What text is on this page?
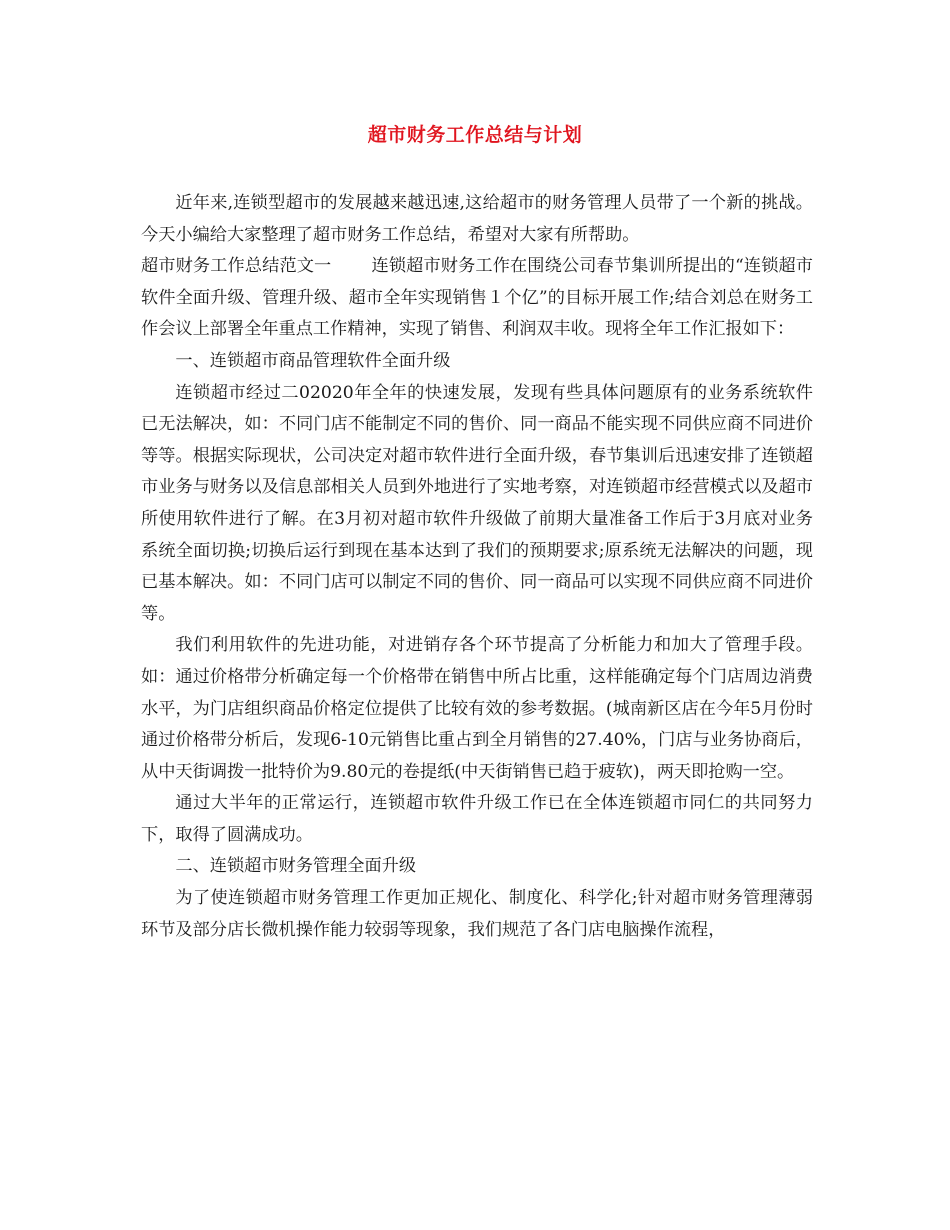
超市财务工作总结与计划

近年来,连锁型超市的发展越来越迅速,这给超市的财务管理人员带了一个新的挑战。今天小编给大家整理了超市财务工作总结，希望对大家有所帮助。

超市财务工作总结范文一　　 连锁超市财务工作在围绕公司春节集训所提出的“连锁超市软件全面升级、管理升级、超市全年实现销售１个亿”的目标开展工作;结合刘总在财务工作会议上部署全年重点工作精神，实现了销售、利润双丰收。现将全年工作汇报如下：

一、连锁超市商品管理软件全面升级

连锁超市经过二02020年全年的快速发展，发现有些具体问题原有的业务系统软件已无法解决，如：不同门店不能制定不同的售价、同一商品不能实现不同供应商不同进价等等。根据实际现状，公司决定对超市软件进行全面升级，春节集训后迅速安排了连锁超市业务与财务以及信息部相关人员到外地进行了实地考察，对连锁超市经营模式以及超市所使用软件进行了解。在3月初对超市软件升级做了前期大量准备工作后于3月底对业务系统全面切换;切换后运行到现在基本达到了我们的预期要求;原系统无法解决的问题，现已基本解决。如：不同门店可以制定不同的售价、同一商品可以实现不同供应商不同进价等。

我们利用软件的先进功能，对进销存各个环节提高了分析能力和加大了管理手段。如：通过价格带分析确定每一个价格带在销售中所占比重，这样能确定每个门店周边消费水平，为门店组织商品价格定位提供了比较有效的参考数据。(城南新区店在今年5月份时通过价格带分析后，发现6-10元销售比重占到全月销售的27.40%，门店与业务协商后，从中天街调拨一批特价为9.80元的卷提纸(中天街销售已趋于疲软)，两天即抢购一空。

通过大半年的正常运行，连锁超市软件升级工作已在全体连锁超市同仁的共同努力下，取得了圆满成功。

二、连锁超市财务管理全面升级

为了使连锁超市财务管理工作更加正规化、制度化、科学化;针对超市财务管理薄弱环节及部分店长微机操作能力较弱等现象，我们规范了各门店电脑操作流程，
